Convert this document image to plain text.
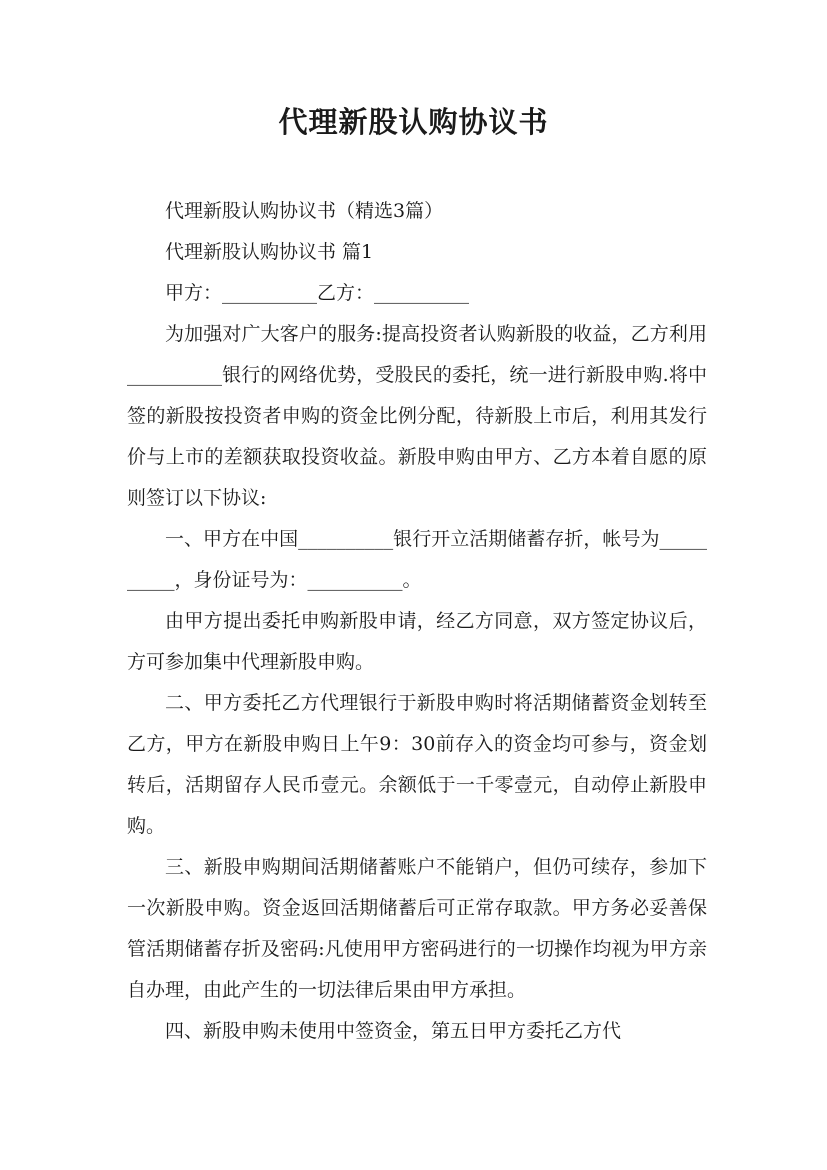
代理新股认购协议书

代理新股认购协议书（精选3篇）

代理新股认购协议书 篇1

甲方：__________乙方：__________

为加强对广大客户的服务:提高投资者认购新股的收益，乙方利用__________银行的网络优势，受股民的委托，统一进行新股申购.将中签的新股按投资者申购的资金比例分配，待新股上市后，利用其发行价与上市的差额获取投资收益。新股申购由甲方、乙方本着自愿的原则签订以下协议:

一、甲方在中国__________银行开立活期储蓄存折，帐号为__________，身份证号为：__________。

由甲方提出委托申购新股申请，经乙方同意，双方签定协议后，方可参加集中代理新股申购。

二、甲方委托乙方代理银行于新股申购时将活期储蓄资金划转至乙方，甲方在新股申购日上午9：30前存入的资金均可参与，资金划转后，活期留存人民币壹元。余额低于一千零壹元，自动停止新股申购。

三、新股申购期间活期储蓄账户不能销户，但仍可续存，参加下一次新股申购。资金返回活期储蓄后可正常存取款。甲方务必妥善保管活期储蓄存折及密码:凡使用甲方密码进行的一切操作均视为甲方亲自办理，由此产生的一切法律后果由甲方承担。

四、新股申购未使用中签资金，第五日甲方委托乙方代
